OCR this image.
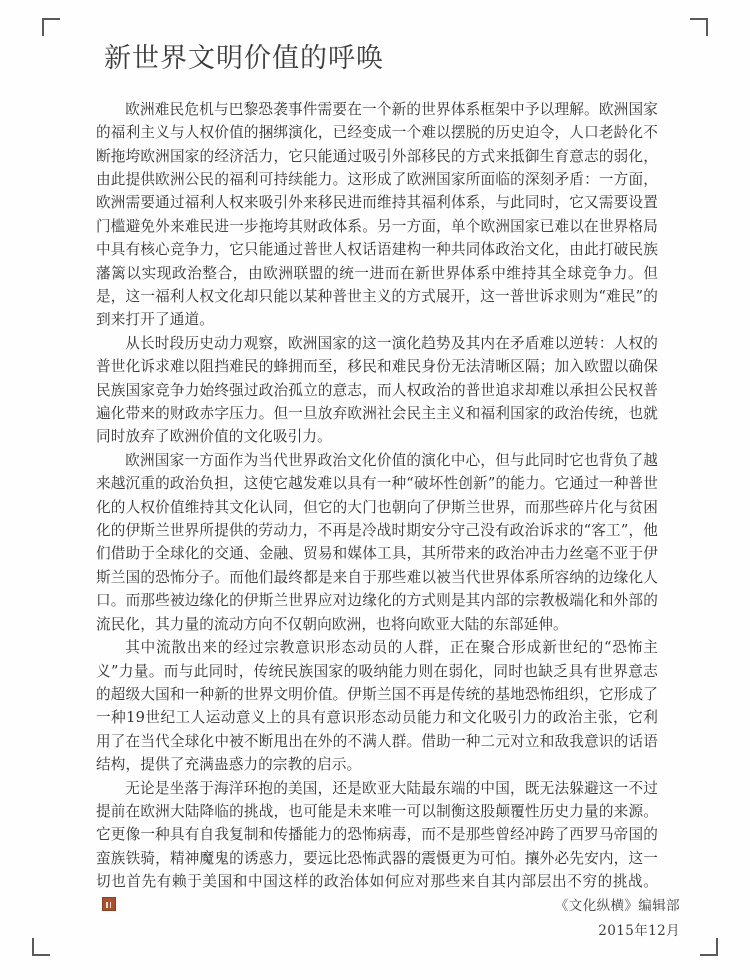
新世界文明价值的呼唤

欧洲难民危机与巴黎恐袭事件需要在一个新的世界体系框架中予以理解。欧洲国家的福利主义与人权价值的捆绑演化，已经变成一个难以摆脱的历史迫令，人口老龄化不断拖垮欧洲国家的经济活力，它只能通过吸引外部移民的方式来抵御生育意志的弱化，由此提供欧洲公民的福利可持续能力。这形成了欧洲国家所面临的深刻矛盾：一方面，欧洲需要通过福利人权来吸引外来移民进而维持其福利体系，与此同时，它又需要设置门槛避免外来难民进一步拖垮其财政体系。另一方面，单个欧洲国家已难以在世界格局中具有核心竞争力，它只能通过普世人权话语建构一种共同体政治文化，由此打破民族藩篱以实现政治整合，由欧洲联盟的统一进而在新世界体系中维持其全球竞争力。但是，这一福利人权文化却只能以某种普世主义的方式展开，这一普世诉求则为“难民”的到来打开了通道。

从长时段历史动力观察，欧洲国家的这一演化趋势及其内在矛盾难以逆转：人权的普世化诉求难以阻挡难民的蜂拥而至，移民和难民身份无法清晰区隔；加入欧盟以确保民族国家竞争力始终强过政治孤立的意志，而人权政治的普世追求却难以承担公民权普遍化带来的财政赤字压力。但一旦放弃欧洲社会民主主义和福利国家的政治传统，也就同时放弃了欧洲价值的文化吸引力。

欧洲国家一方面作为当代世界政治文化价值的演化中心，但与此同时它也背负了越来越沉重的政治负担，这使它越发难以具有一种“破坏性创新”的能力。它通过一种普世化的人权价值维持其文化认同，但它的大门也朝向了伊斯兰世界，而那些碎片化与贫困化的伊斯兰世界所提供的劳动力，不再是冷战时期安分守己没有政治诉求的“客工”，他们借助于全球化的交通、金融、贸易和媒体工具，其所带来的政治冲击力丝毫不亚于伊斯兰国的恐怖分子。而他们最终都是来自于那些难以被当代世界体系所容纳的边缘化人口。而那些被边缘化的伊斯兰世界应对边缘化的方式则是其内部的宗教极端化和外部的流民化，其力量的流动方向不仅朝向欧洲，也将向欧亚大陆的东部延伸。

其中流散出来的经过宗教意识形态动员的人群，正在聚合形成新世纪的“恐怖主义”力量。而与此同时，传统民族国家的吸纳能力则在弱化，同时也缺乏具有世界意志的超级大国和一种新的世界文明价值。伊斯兰国不再是传统的基地恐怖组织，它形成了一种19世纪工人运动意义上的具有意识形态动员能力和文化吸引力的政治主张，它利用了在当代全球化中被不断甩出在外的不满人群。借助一种二元对立和敌我意识的话语结构，提供了充满蛊惑力的宗教的启示。

无论是坐落于海洋环抱的美国，还是欧亚大陆最东端的中国，既无法躲避这一不过提前在欧洲大陆降临的挑战，也可能是未来唯一可以制衡这股颠覆性历史力量的来源。它更像一种具有自我复制和传播能力的恐怖病毒，而不是那些曾经冲跨了西罗马帝国的蛮族铁骑，精神魔鬼的诱惑力，要远比恐怖武器的震慑更为可怕。攘外必先安内，这一切也首先有赖于美国和中国这样的政治体如何应对那些来自其内部层出不穷的挑战。

《文化纵横》编辑部
2015年12月
